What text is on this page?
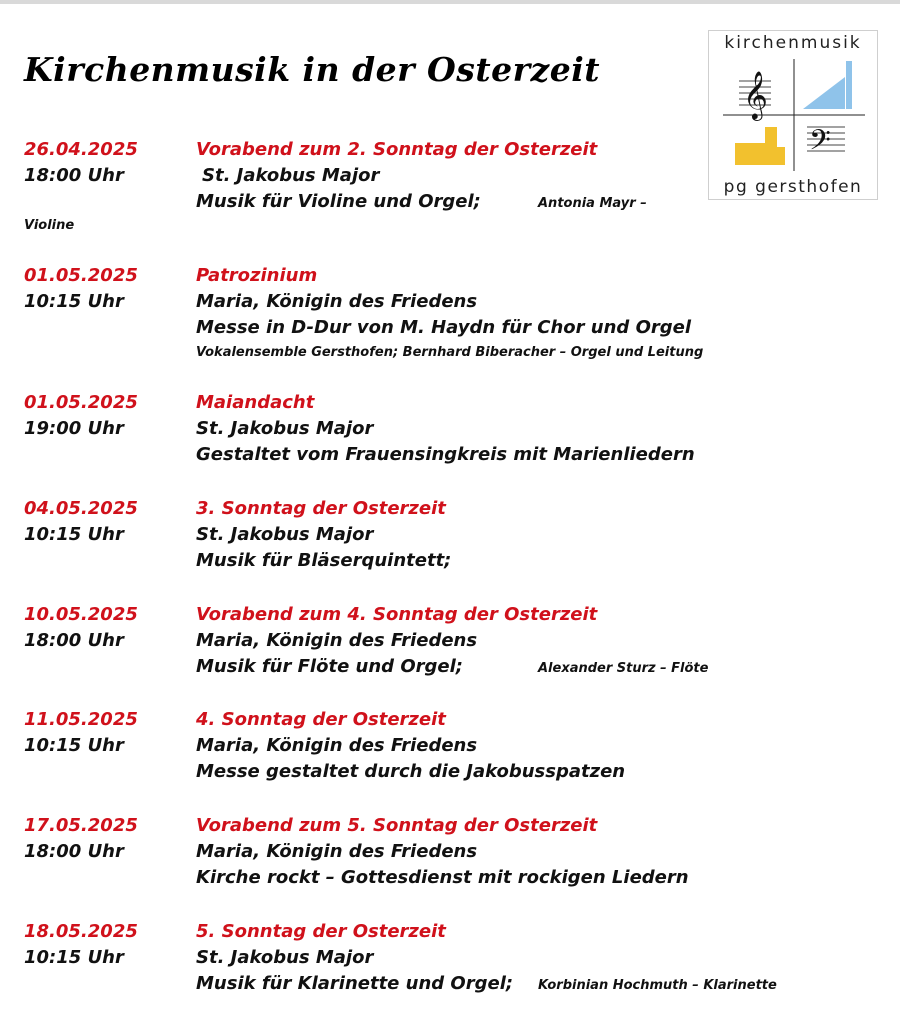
Kirchenmusik in der Osterzeit
kirchenmusik
𝄞
𝄢
pg gersthofen
26.04.2025	Vorabend zum 2. Sonntag der Osterzeit
18:00 Uhr	St. Jakobus Major
Musik für Violine und Orgel;	Antonia Mayr –
Violine
01.05.2025	Patrozinium
10:15 Uhr	Maria, Königin des Friedens
Messe in D-Dur von M. Haydn für Chor und Orgel
Vokalensemble Gersthofen; Bernhard Biberacher – Orgel und Leitung
01.05.2025	Maiandacht
19:00 Uhr	St. Jakobus Major
Gestaltet vom Frauensingkreis mit Marienliedern
04.05.2025	3. Sonntag der Osterzeit
10:15 Uhr	St. Jakobus Major
Musik für Bläserquintett;
10.05.2025	Vorabend zum 4. Sonntag der Osterzeit
18:00 Uhr	Maria, Königin des Friedens
Musik für Flöte und Orgel;	Alexander Sturz – Flöte
11.05.2025	4. Sonntag der Osterzeit
10:15 Uhr	Maria, Königin des Friedens
Messe gestaltet durch die Jakobusspatzen
17.05.2025	Vorabend zum 5. Sonntag der Osterzeit
18:00 Uhr	Maria, Königin des Friedens
Kirche rockt – Gottesdienst mit rockigen Liedern
18.05.2025	5. Sonntag der Osterzeit
10:15 Uhr	St. Jakobus Major
Musik für Klarinette und Orgel; Korbinian Hochmuth – Klarinette
